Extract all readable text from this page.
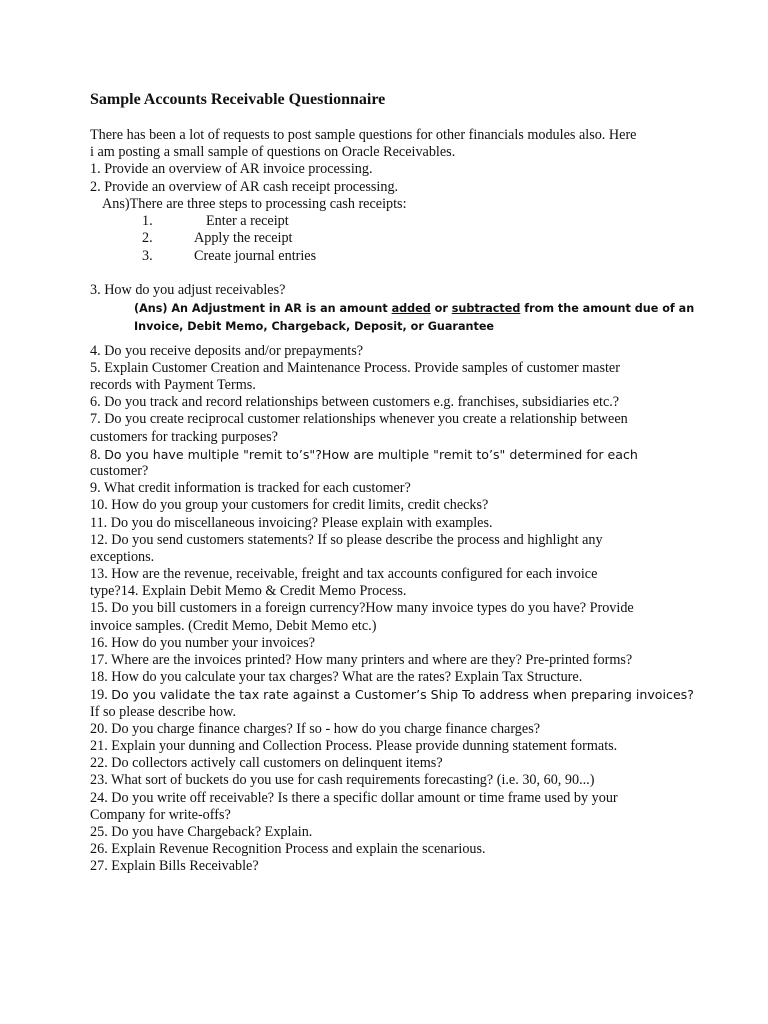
Sample Accounts Receivable Questionnaire
There has been a lot of requests to post sample questions for other financials modules also. Here
i am posting a small sample of questions on Oracle Receivables.
1. Provide an overview of AR invoice processing.
2. Provide an overview of AR cash receipt processing.
Ans)There are three steps to processing cash receipts:
1.	Enter a receipt
2.	Apply the receipt
3.	Create journal entries
3. How do you adjust receivables?
(Ans) An Adjustment in AR is an amount added or subtracted from the amount due of an
Invoice, Debit Memo, Chargeback, Deposit, or Guarantee
4. Do you receive deposits and/or prepayments?
5. Explain Customer Creation and Maintenance Process. Provide samples of customer master
records with Payment Terms.
6. Do you track and record relationships between customers e.g. franchises, subsidiaries etc.?
7. Do you create reciprocal customer relationships whenever you create a relationship between
customers for tracking purposes?
8. Do you have multiple "remit to’s"?How are multiple "remit to’s" determined for each
customer?
9. What credit information is tracked for each customer?
10. How do you group your customers for credit limits, credit checks?
11. Do you do miscellaneous invoicing? Please explain with examples.
12. Do you send customers statements? If so please describe the process and highlight any
exceptions.
13. How are the revenue, receivable, freight and tax accounts configured for each invoice
type?14. Explain Debit Memo & Credit Memo Process.
15. Do you bill customers in a foreign currency?How many invoice types do you have? Provide
invoice samples. (Credit Memo, Debit Memo etc.)
16. How do you number your invoices?
17. Where are the invoices printed? How many printers and where are they? Pre-printed forms?
18. How do you calculate your tax charges? What are the rates? Explain Tax Structure.
19. Do you validate the tax rate against a Customer’s Ship To address when preparing invoices?
If so please describe how.
20. Do you charge finance charges? If so - how do you charge finance charges?
21. Explain your dunning and Collection Process. Please provide dunning statement formats.
22. Do collectors actively call customers on delinquent items?
23. What sort of buckets do you use for cash requirements forecasting? (i.e. 30, 60, 90...)
24. Do you write off receivable? Is there a specific dollar amount or time frame used by your
Company for write-offs?
25. Do you have Chargeback? Explain.
26. Explain Revenue Recognition Process and explain the scenarious.
27. Explain Bills Receivable?
